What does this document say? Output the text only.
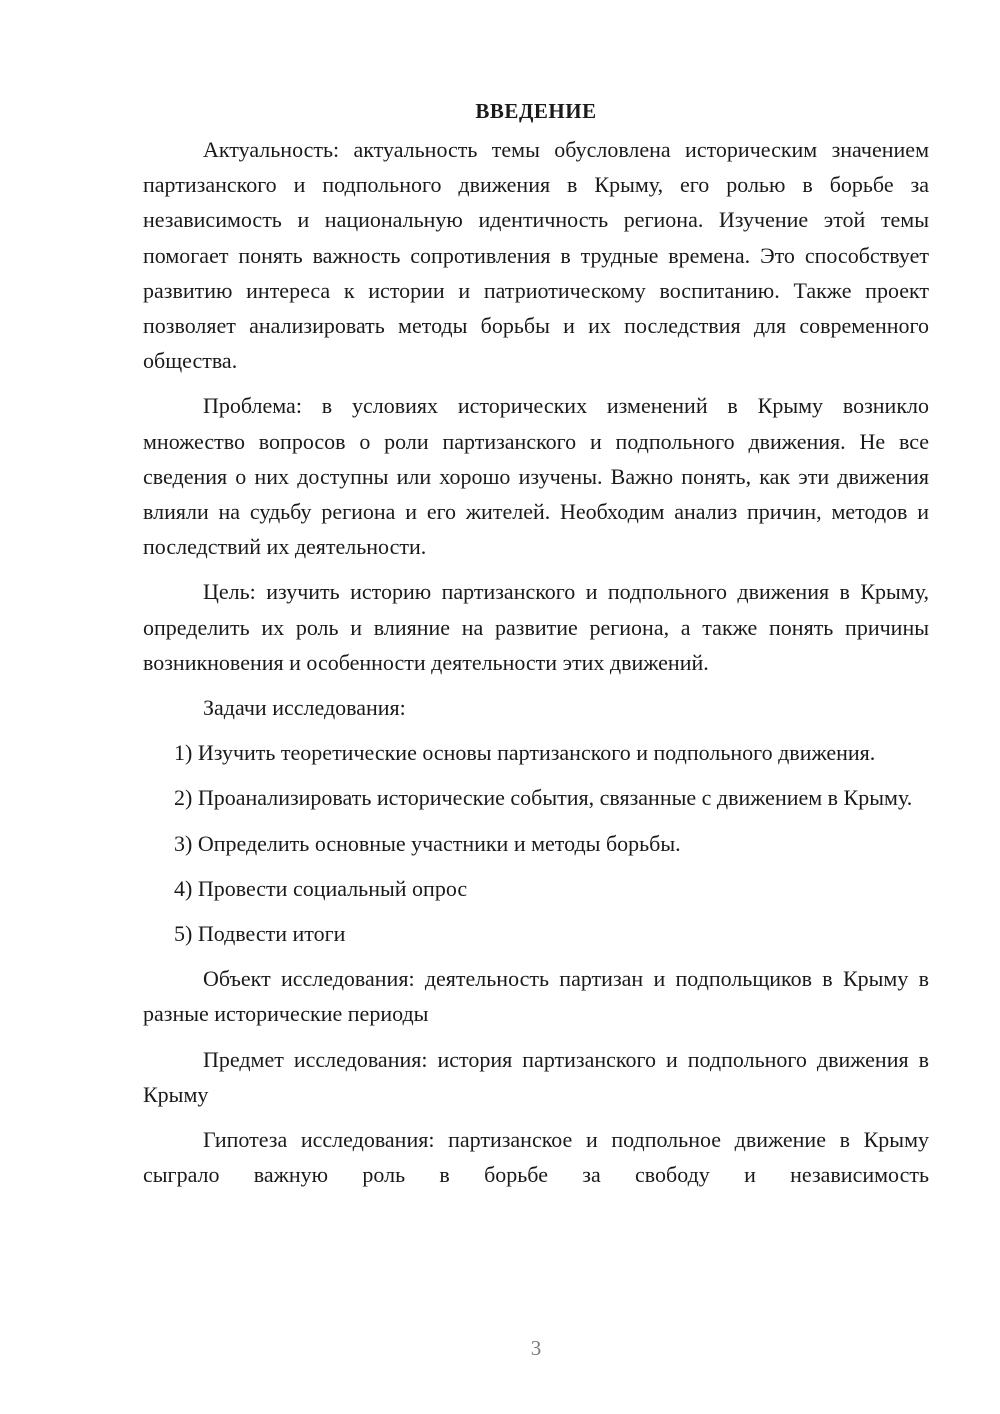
ВВЕДЕНИЕ

Актуальность: актуальность темы обусловлена историческим значением партизанского и подпольного движения в Крыму, его ролью в борьбе за независимость и национальную идентичность региона. Изучение этой темы помогает понять важность сопротивления в трудные времена. Это способствует развитию интереса к истории и патриотическому воспитанию. Также проект позволяет анализировать методы борьбы и их последствия для современного общества.

Проблема: в условиях исторических изменений в Крыму возникло множество вопросов о роли партизанского и подпольного движения. Не все сведения о них доступны или хорошо изучены. Важно понять, как эти движения влияли на судьбу региона и его жителей. Необходим анализ причин, методов и последствий их деятельности.

Цель: изучить историю партизанского и подпольного движения в Крыму, определить их роль и влияние на развитие региона, а также понять причины возникновения и особенности деятельности этих движений.

Задачи исследования:

1) Изучить теоретические основы партизанского и подпольного движения.

2) Проанализировать исторические события, связанные с движением в Крыму.

3) Определить основные участники и методы борьбы.

4) Провести социальный опрос

5) Подвести итоги

Объект исследования: деятельность партизан и подпольщиков в Крыму в разные исторические периоды

Предмет исследования: история партизанского и подпольного движения в Крыму

Гипотеза исследования: партизанское и подпольное движение в Крыму сыграло важную роль в борьбе за свободу и независимость

3
